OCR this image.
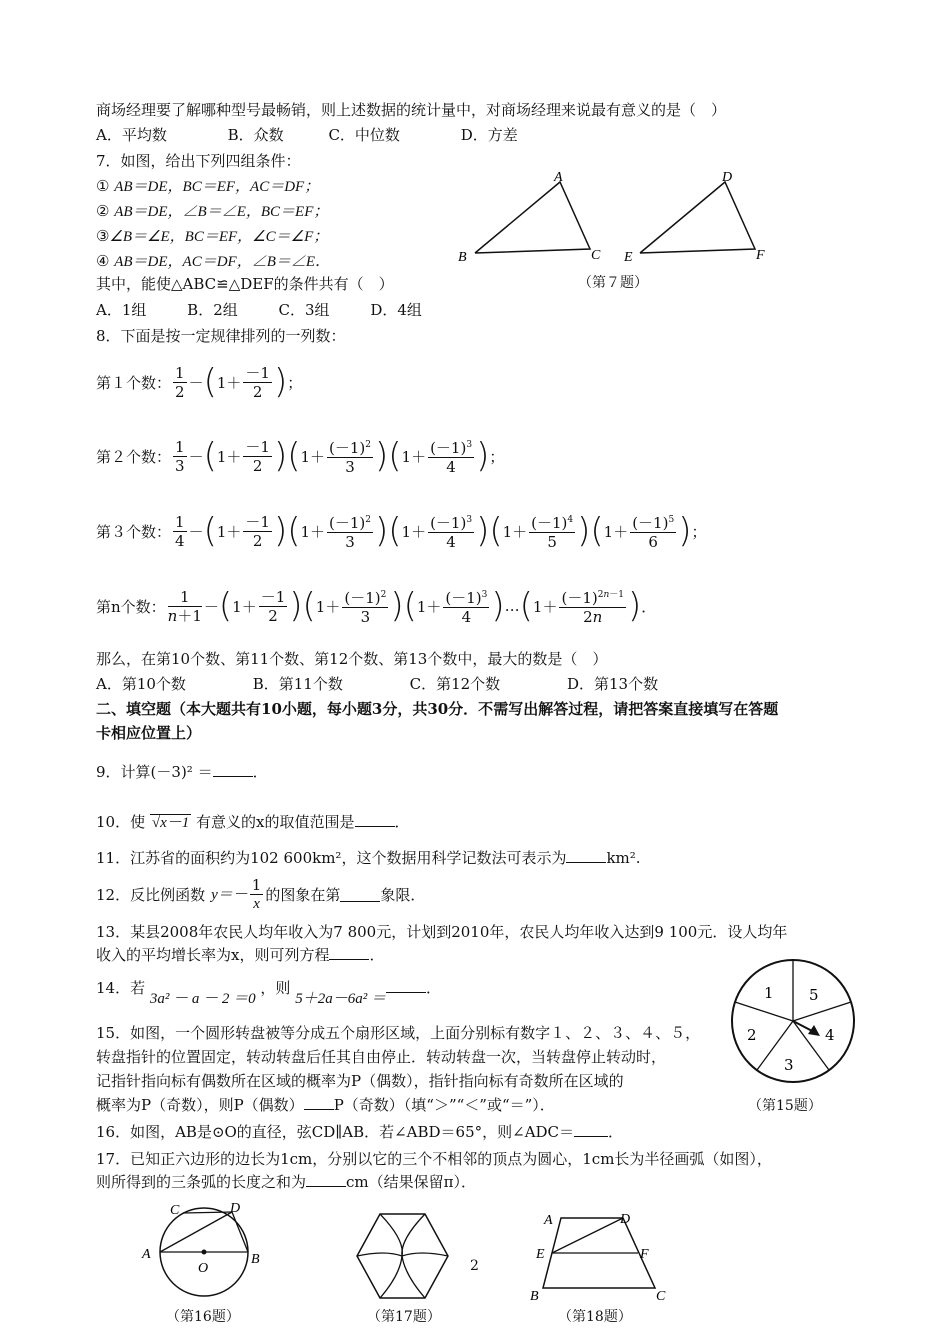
商场经理要了解哪种型号最畅销，则上述数据的统计量中，对商场经理来说最有意义的是（　）
A．平均数	B．众数	C．中位数	D．方差
7．如图，给出下列四组条件：
① AB＝DE，BC＝EF，AC＝DF；
② AB＝DE，∠B＝∠E，BC＝EF；
③∠B＝∠E，BC＝EF，∠C＝∠F；
④ AB＝DE，AC＝DF，∠B＝∠E．
其中，能使△ABC≌△DEF的条件共有（　）
A．1组	B．2组	C．3组	D．4组
A
B	C
D
E	F
（第７题）
8．下面是按一定规律排列的一列数：
第１个数： $\frac{1}{2}$ － ( $1+ \frac{-1}{2}$ ) ；
第２个数： $\frac{1}{3}$ － ( $1+ \frac{-1}{2}$ ) ( $1+ \frac{(-1)^2}{3}$ ) ( $1+ \frac{(-1)^3}{4}$ ) ；
第３个数： $\frac{1}{4}$ － ( $1+ \frac{-1}{2}$ ) ( $1+ \frac{(-1)^2}{3}$ ) ( $1+ \frac{(-1)^3}{4}$ ) ( $1+ \frac{(-1)^4}{5}$ ) ( $1+ \frac{(-1)^5}{6}$ ) ；
第n个数： $\frac{1}{n+1}$ － ( $1+ \frac{-1}{2}$ ) ( $1+ \frac{(-1)^2}{3}$ ) ( $1+ \frac{(-1)^3}{4}$ ) … ( $1+ \frac{(-1)^{2n-1}}{2n}$ ) ．
那么，在第10个数、第11个数、第12个数、第13个数中，最大的数是（　）
A．第10个数	B．第11个数	C．第12个数	D．第13个数
二、填空题（本大题共有10小题，每小题3分，共30分．不需写出解答过程，请把答案直接填写在答题
卡相应位置上）
9．计算(－3)² ＝	．
10．使 √x－1 有意义的x的取值范围是	．
11．江苏省的面积约为102 600km²，这个数据用科学记数法可表示为	km².
12．反比例函数 $y=- \frac{1}{x}$ 的图象在第	象限．
13．某县2008年农民人均年收入为7 800元，计划到2010年，农民人均年收入达到9 100元．设人均年
收入的平均增长率为x，则可列方程	．
14．若 3a² － a － 2 ＝0 ，则 5＋2a－6a² ＝．
15．如图，一个圆形转盘被等分成五个扇形区域，上面分别标有数字１、２、３、４、５，
转盘指针的位置固定，转动转盘后任其自由停止．转动转盘一次，当转盘停止转动时，
记指针指向标有偶数所在区域的概率为P（偶数），指针指向标有奇数所在区域的
概率为P（奇数），则P（偶数） P（奇数）（填“＞”“＜”或“＝”）．
1 5
2	4
3
（第15题）
16．如图，AB是⊙O的直径，弦CD∥AB．若∠ABD＝65°，则∠ADC＝ ．
17．已知正六边形的边长为1cm，分别以它的三个不相邻的顶点为圆心，1cm长为半径画弧（如图），
则所得到的三条弧的长度之和为	cm（结果保留π）．
A	B
C	D
O
（第16题）	（第17题）
2
A	D
E	F
B	C
（第18题）
